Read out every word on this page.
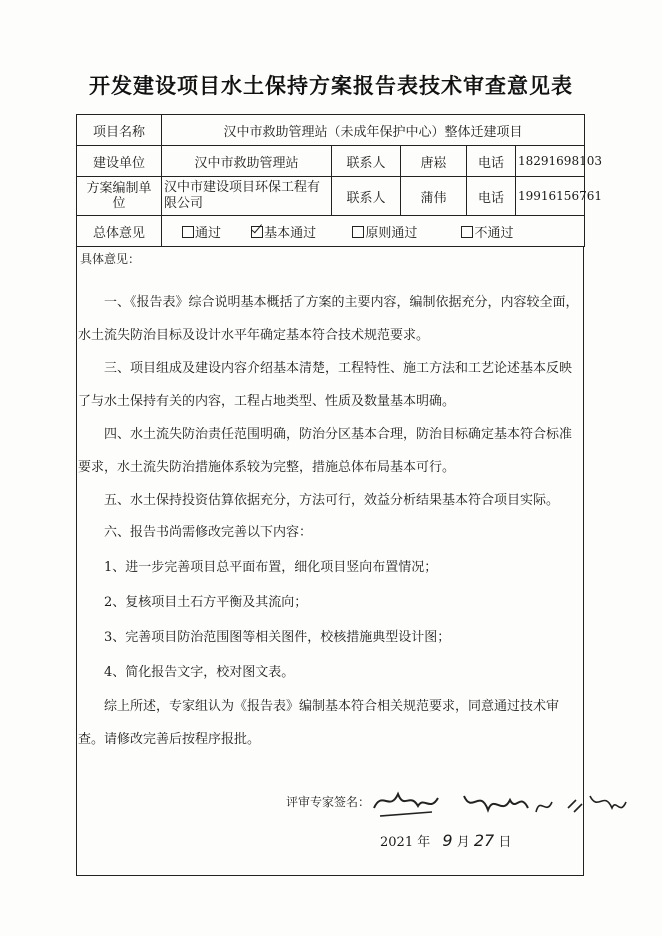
开发建设项目水土保持方案报告表技术审查意见表
项目名称	汉中市救助管理站（未成年保护中心）整体迁建项目				
建设单位	汉中市救助管理站	联系人	唐崧	电话	18291698103
方案编制单位	汉中市建设项目环保工程有限公司	联系人	蒲伟	电话	19916156761
总体意见	通过 基本通过 原则通过 不通过				
具体意见：

一、《报告表》综合说明基本概括了方案的主要内容，编制依据充分，内容较全面，水土流失防治目标及设计水平年确定基本符合技术规范要求。

三、项目组成及建设内容介绍基本清楚，工程特性、施工方法和工艺论述基本反映了与水土保持有关的内容，工程占地类型、性质及数量基本明确。

四、水土流失防治责任范围明确，防治分区基本合理，防治目标确定基本符合标准要求，水土流失防治措施体系较为完整，措施总体布局基本可行。

五、水土保持投资估算依据充分，方法可行，效益分析结果基本符合项目实际。

六、报告书尚需修改完善以下内容：

1、进一步完善项目总平面布置，细化项目竖向布置情况；

2、复核项目土石方平衡及其流向；

3、完善项目防治范围图等相关图件，校核措施典型设计图；

4、简化报告文字，校对图文表。

综上所述，专家组认为《报告表》编制基本符合相关规范要求，同意通过技术审查。请修改完善后按程序报批。

评审专家签名：
2021 年 9 月 27 日
